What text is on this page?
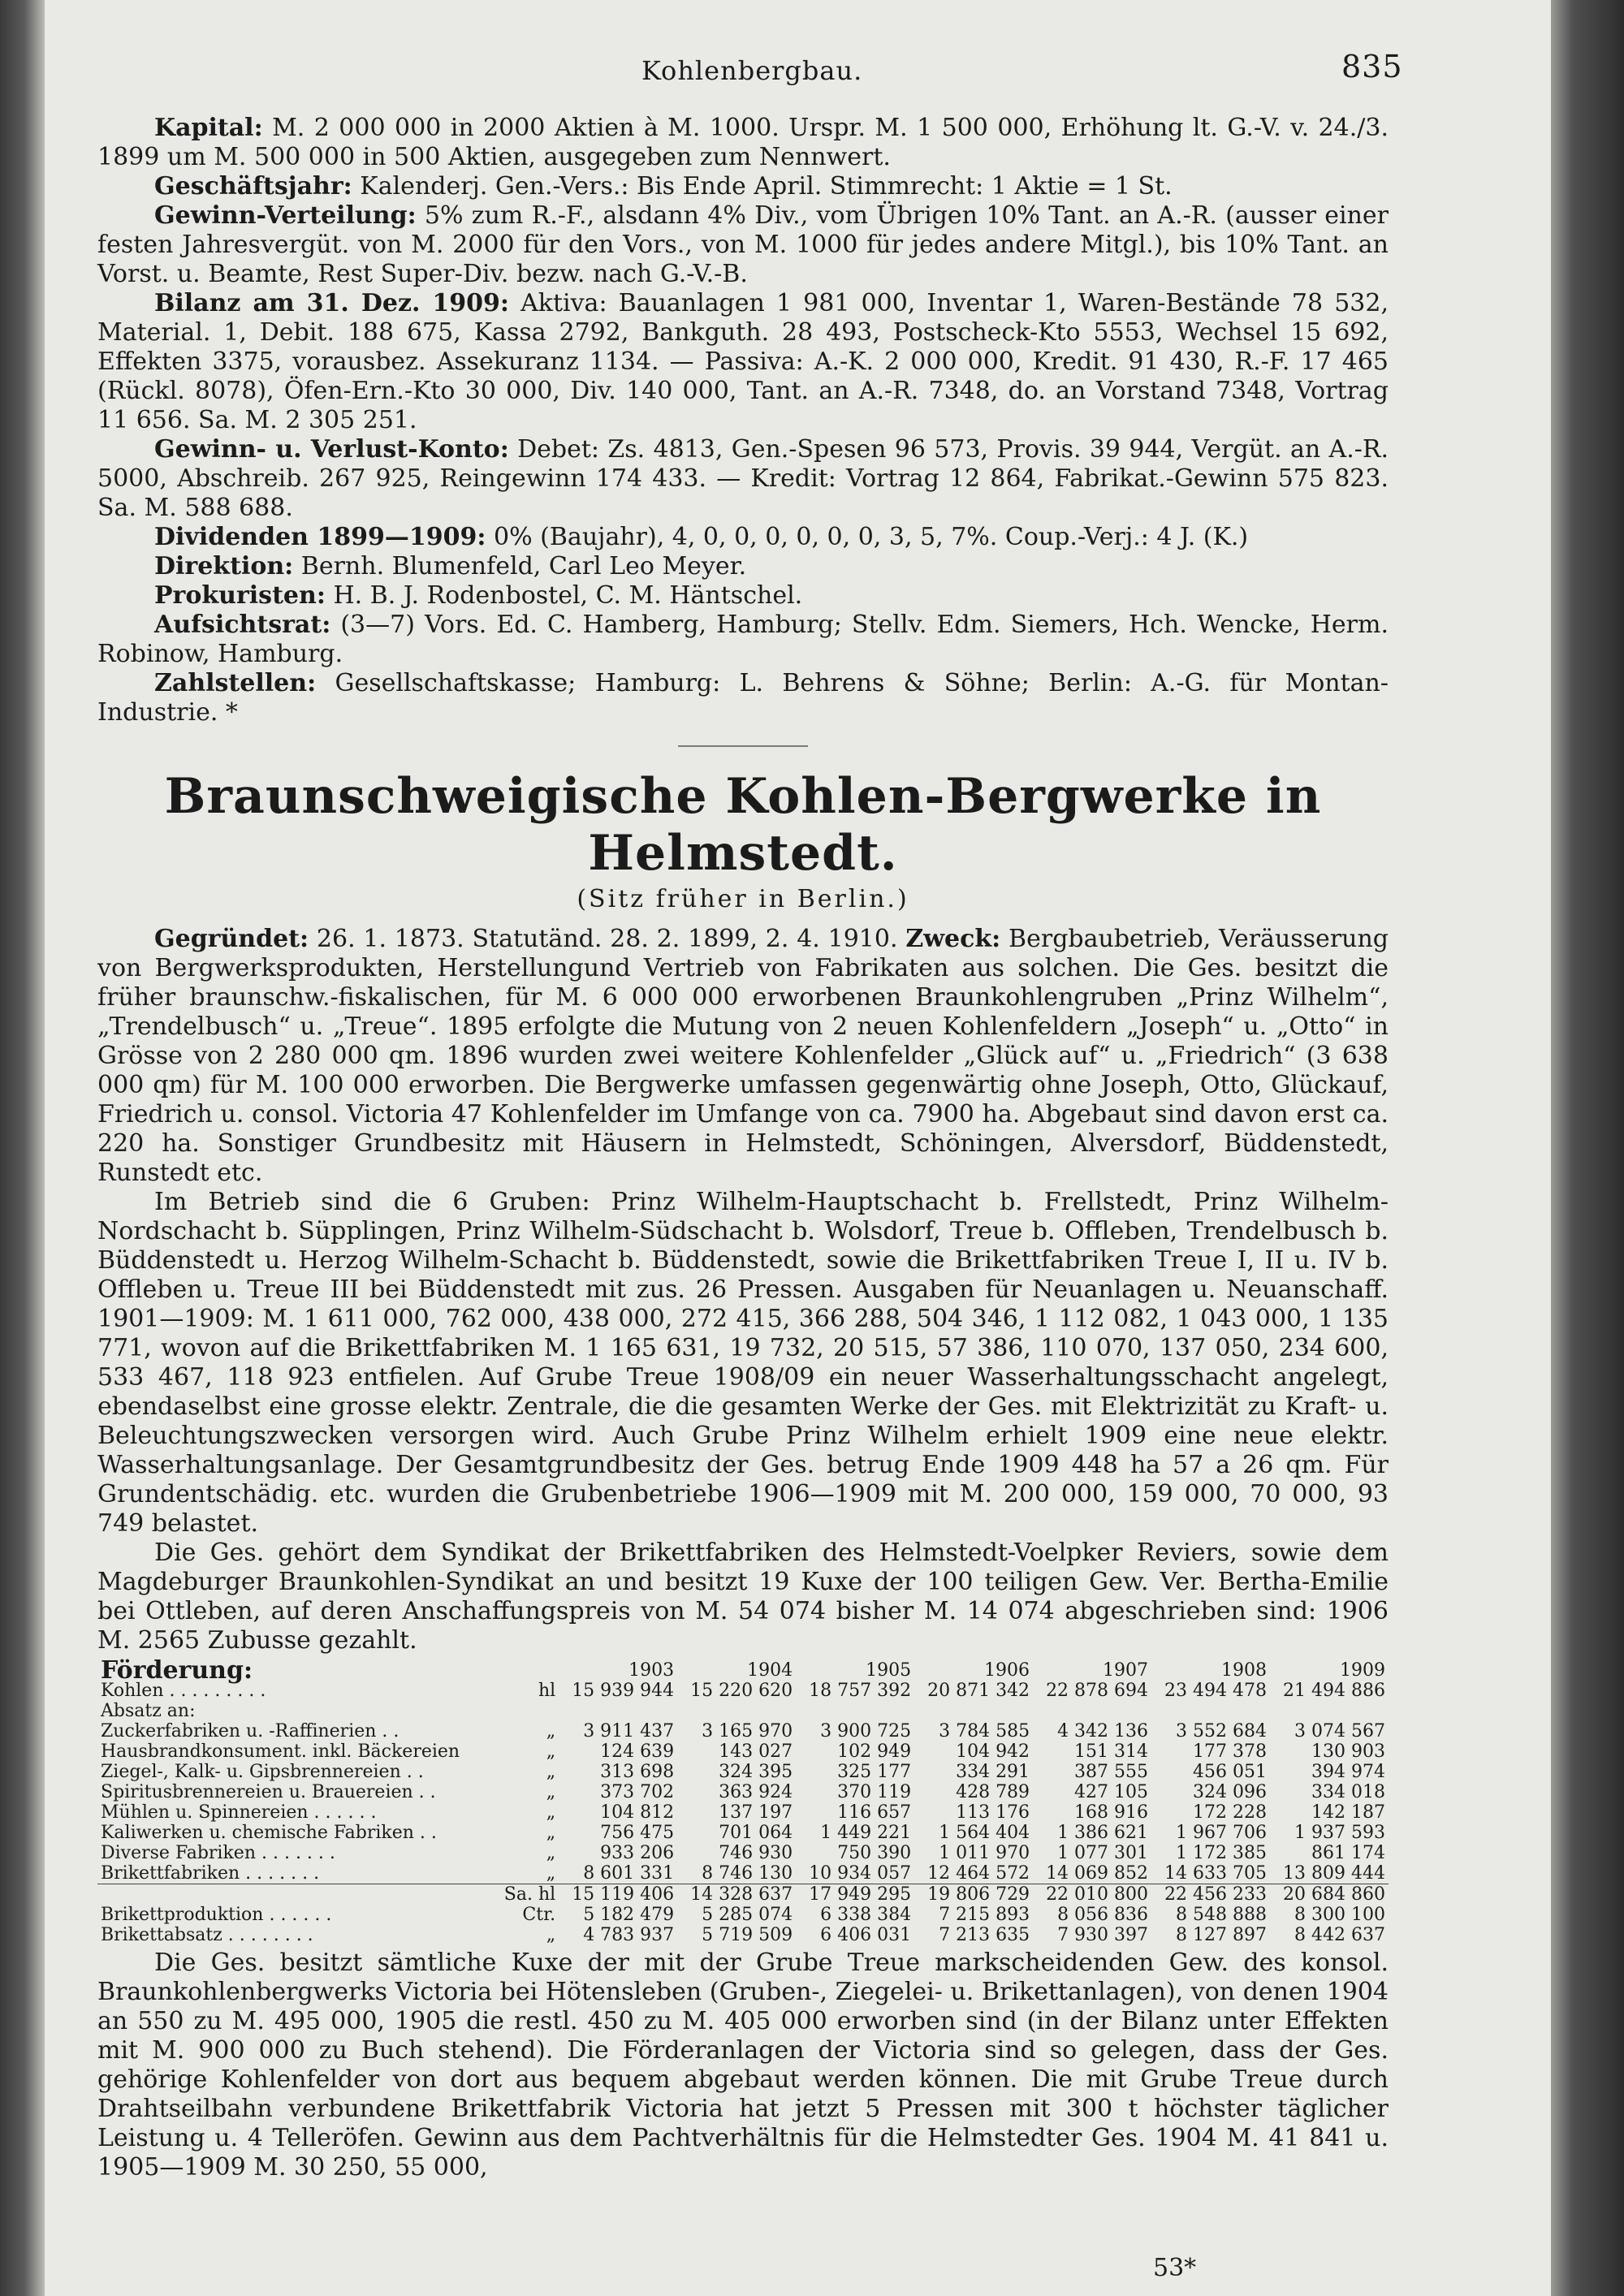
Kohlenbergbau.	835

Kapital: M. 2 000 000 in 2000 Aktien à M. 1000. Urspr. M. 1 500 000, Erhöhung lt. G.-V. v. 24./3. 1899 um M. 500 000 in 500 Aktien, ausgegeben zum Nennwert.

Geschäftsjahr: Kalenderj. Gen.-Vers.: Bis Ende April. Stimmrecht: 1 Aktie = 1 St.

Gewinn-Verteilung: 5% zum R.-F., alsdann 4% Div., vom Übrigen 10% Tant. an A.-R. (ausser einer festen Jahresvergüt. von M. 2000 für den Vors., von M. 1000 für jedes andere Mitgl.), bis 10% Tant. an Vorst. u. Beamte, Rest Super-Div. bezw. nach G.-V.-B.

Bilanz am 31. Dez. 1909: Aktiva: Bauanlagen 1 981 000, Inventar 1, Waren-Bestände 78 532, Material. 1, Debit. 188 675, Kassa 2792, Bankguth. 28 493, Postscheck-Kto 5553, Wechsel 15 692, Effekten 3375, vorausbez. Assekuranz 1134. — Passiva: A.-K. 2 000 000, Kredit. 91 430, R.-F. 17 465 (Rückl. 8078), Öfen-Ern.-Kto 30 000, Div. 140 000, Tant. an A.-R. 7348, do. an Vorstand 7348, Vortrag 11 656. Sa. M. 2 305 251.

Gewinn- u. Verlust-Konto: Debet: Zs. 4813, Gen.-Spesen 96 573, Provis. 39 944, Vergüt. an A.-R. 5000, Abschreib. 267 925, Reingewinn 174 433. — Kredit: Vortrag 12 864, Fabrikat.-Gewinn 575 823. Sa. M. 588 688.

Dividenden 1899—1909: 0% (Baujahr), 4, 0, 0, 0, 0, 0, 0, 3, 5, 7%. Coup.-Verj.: 4 J. (K.)

Direktion: Bernh. Blumenfeld, Carl Leo Meyer.

Prokuristen: H. B. J. Rodenbostel, C. M. Häntschel.

Aufsichtsrat: (3—7) Vors. Ed. C. Hamberg, Hamburg; Stellv. Edm. Siemers, Hch. Wencke, Herm. Robinow, Hamburg.

Zahlstellen: Gesellschaftskasse; Hamburg: L. Behrens & Söhne; Berlin: A.-G. für Montan-Industrie. *

Braunschweigische Kohlen-Bergwerke in Helmstedt.
(Sitz früher in Berlin.)

Gegründet: 26. 1. 1873. Statutänd. 28. 2. 1899, 2. 4. 1910. Zweck: Bergbaubetrieb, Veräusserung von Bergwerksprodukten, Herstellungund Vertrieb von Fabrikaten aus solchen. Die Ges. besitzt die früher braunschw.-fiskalischen, für M. 6 000 000 erworbenen Braunkohlengruben „Prinz Wilhelm“, „Trendelbusch“ u. „Treue“. 1895 erfolgte die Mutung von 2 neuen Kohlenfeldern „Joseph“ u. „Otto“ in Grösse von 2 280 000 qm. 1896 wurden zwei weitere Kohlenfelder „Glück auf“ u. „Friedrich“ (3 638 000 qm) für M. 100 000 erworben. Die Bergwerke umfassen gegenwärtig ohne Joseph, Otto, Glückauf, Friedrich u. consol. Victoria 47 Kohlenfelder im Umfange von ca. 7900 ha. Abgebaut sind davon erst ca. 220 ha. Sonstiger Grundbesitz mit Häusern in Helmstedt, Schöningen, Alversdorf, Büddenstedt, Runstedt etc.

Im Betrieb sind die 6 Gruben: Prinz Wilhelm-Hauptschacht b. Frellstedt, Prinz Wilhelm-Nordschacht b. Süpplingen, Prinz Wilhelm-Südschacht b. Wolsdorf, Treue b. Offleben, Trendelbusch b. Büddenstedt u. Herzog Wilhelm-Schacht b. Büddenstedt, sowie die Brikettfabriken Treue I, II u. IV b. Offleben u. Treue III bei Büddenstedt mit zus. 26 Pressen. Ausgaben für Neuanlagen u. Neuanschaff. 1901—1909: M. 1 611 000, 762 000, 438 000, 272 415, 366 288, 504 346, 1 112 082, 1 043 000, 1 135 771, wovon auf die Brikettfabriken M. 1 165 631, 19 732, 20 515, 57 386, 110 070, 137 050, 234 600, 533 467, 118 923 entfielen. Auf Grube Treue 1908/09 ein neuer Wasserhaltungsschacht angelegt, ebendaselbst eine grosse elektr. Zentrale, die die gesamten Werke der Ges. mit Elektrizität zu Kraft- u. Beleuchtungszwecken versorgen wird. Auch Grube Prinz Wilhelm erhielt 1909 eine neue elektr. Wasserhaltungsanlage. Der Gesamtgrundbesitz der Ges. betrug Ende 1909 448 ha 57 a 26 qm. Für Grundentschädig. etc. wurden die Grubenbetriebe 1906—1909 mit M. 200 000, 159 000, 70 000, 93 749 belastet.

Die Ges. gehört dem Syndikat der Brikettfabriken des Helmstedt-Voelpker Reviers, sowie dem Magdeburger Braunkohlen-Syndikat an und besitzt 19 Kuxe der 100 teiligen Gew. Ver. Bertha-Emilie bei Ottleben, auf deren Anschaffungspreis von M. 54 074 bisher M. 14 074 abgeschrieben sind: 1906 M. 2565 Zubusse gezahlt.

Förderung:		1903	1904	1905	1906	1907	1908	1909
Kohlen . . . . . . . . .	hl	15 939 944	15 220 620	18 757 392	20 871 342	22 878 694	23 494 478	21 494 886
Absatz an:								
Zuckerfabriken u. -Raffinerien . .	„	3 911 437	3 165 970	3 900 725	3 784 585	4 342 136	3 552 684	3 074 567
Hausbrandkonsument. inkl. Bäckereien	„	124 639	143 027	102 949	104 942	151 314	177 378	130 903
Ziegel-, Kalk- u. Gipsbrennereien . .	„	313 698	324 395	325 177	334 291	387 555	456 051	394 974
Spiritusbrennereien u. Brauereien . .	„	373 702	363 924	370 119	428 789	427 105	324 096	334 018
Mühlen u. Spinnereien . . . . . .	„	104 812	137 197	116 657	113 176	168 916	172 228	142 187
Kaliwerken u. chemische Fabriken . .	„	756 475	701 064	1 449 221	1 564 404	1 386 621	1 967 706	1 937 593
Diverse Fabriken . . . . . . .	„	933 206	746 930	750 390	1 011 970	1 077 301	1 172 385	861 174
Brikettfabriken . . . . . . .	„	8 601 331	8 746 130	10 934 057	12 464 572	14 069 852	14 633 705	13 809 444
	Sa. hl	15 119 406	14 328 637	17 949 295	19 806 729	22 010 800	22 456 233	20 684 860
Brikettproduktion . . . . . .	Ctr.	5 182 479	5 285 074	6 338 384	7 215 893	8 056 836	8 548 888	8 300 100
Brikettabsatz . . . . . . . .	„	4 783 937	5 719 509	6 406 031	7 213 635	7 930 397	8 127 897	8 442 637

Die Ges. besitzt sämtliche Kuxe der mit der Grube Treue markscheidenden Gew. des konsol. Braunkohlenbergwerks Victoria bei Hötensleben (Gruben-, Ziegelei- u. Brikettanlagen), von denen 1904 an 550 zu M. 495 000, 1905 die restl. 450 zu M. 405 000 erworben sind (in der Bilanz unter Effekten mit M. 900 000 zu Buch stehend). Die Förderanlagen der Victoria sind so gelegen, dass der Ges. gehörige Kohlenfelder von dort aus bequem abgebaut werden können. Die mit Grube Treue durch Drahtseilbahn verbundene Brikettfabrik Victoria hat jetzt 5 Pressen mit 300 t höchster täglicher Leistung u. 4 Telleröfen. Gewinn aus dem Pachtverhältnis für die Helmstedter Ges. 1904 M. 41 841 u. 1905—1909 M. 30 250, 55 000,

53*
